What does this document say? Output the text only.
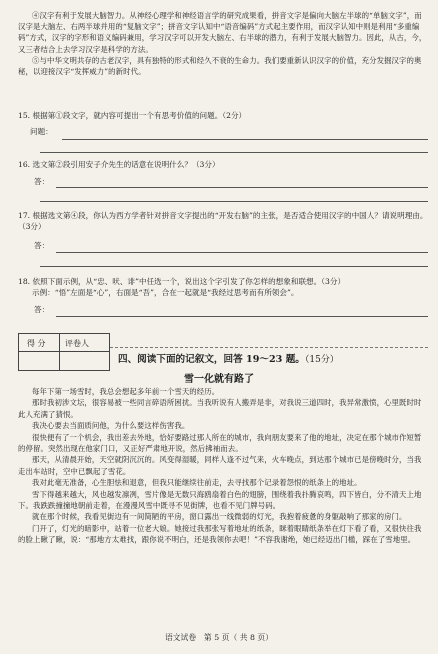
④汉字有利于发展大脑智力。从神经心理学和神经语言学的研究成果看，拼音文字是偏向大脑左半球的“单脑文字”，而汉字是大脑左、右两半球并用的“复脑文字”；拼音文字认知中“语音编码”方式起主要作用，而汉字认知中则是利用“多重编码”方式，汉字的字形和语义编码兼用，学习汉字可以开发大脑左、右半球的潜力，有利于发展大脑智力。因此，从古，今，又三者结合上去学习汉字是科学的方法。

⑤与中华文明共存的古老汉字，具有独特的形式和经久不衰的生命力。我们要重新认识汉字的价值，充分发掘汉字的奥秘，以迎接汉字“发挥威力”的新时代。

15. 根据第①段文字，就内容可提出一个有思考价值的问题。（2分）
问题：
16. 选文第②段引用安子介先生的话意在说明什么？（3分）
答：
17. 根据选文第④段，你认为西方学者针对拼音文字提出的“开发右脑”的主张，是否适合使用汉字的中国人？请说明理由。（3分）
答：
18. 依照下面示例，从“忠、吠、诽”中任选一个，说出这个字引发了你怎样的想象和联想。（3分）
示例：“悟”左面是“心”，右面是“吾”，合在一起就是“我经过思考而有所领会”。
答：
得 分 评卷人
四、阅读下面的记叙文，回答 19～23 题。（15分）
雪一化就有路了

每年下第一场雪时，我总会想起多年前一个雪天的经历。

那时我初涉文坛，很容易被一些同言碎语所困扰。当我听说有人搬弄是非，对我说三道四时，我异常激愤，心里既时时此人充满了猜恨。

我决心要去当面质问他，为什么要这样伤害我。

很快便有了一个机会，我出差去外地，恰好要路过那人所在的城市，我向朋友要来了他的地址，决定在那个城市作短暂的停留。突然出现在他家门口，又正好严肃地开说，然后拂袖而去。

那天，从清晨开始，天空就阴沉沉的。风变得湿暖，同样人逢不过气来，火车晚点，到达那个城市已是傍晚时分，当我走出车站时，空中已飘起了雪花。

我对此毫无准备，心生胆怯和退意，但我只能继续往前走，去寻找那个记录着怨恨的纸条上的地址。

雪下得越来越大，风也越发凛冽，雪片像是无数只海鸥扇着白色的翅膀，围绕着我扑腾哀鸣，四下皆白，分不清天上地下。我跌跌撞撞地朝前走着，在漫漫风雪中既寻不见街牌，也看不见门牌号码。

就在那个时候，我看见街边有一间简陋的平房，窗口露出一线微弱的灯光，我抱着疲惫的身躯敲响了那家的房门。

门开了，灯光的暗影中，站着一位老大娘。她接过我那张写着地址的纸条，眯着眼睛纸条举在灯下看了看，又很快往我的脸上瞅了瞅，说：“那地方太难找，跟你说不明白，还是我领你去吧！”不容我谢绝，她已经迈出门槛，踩在了雪地里。

语文试卷　第 5 页（ 共 8 页）
